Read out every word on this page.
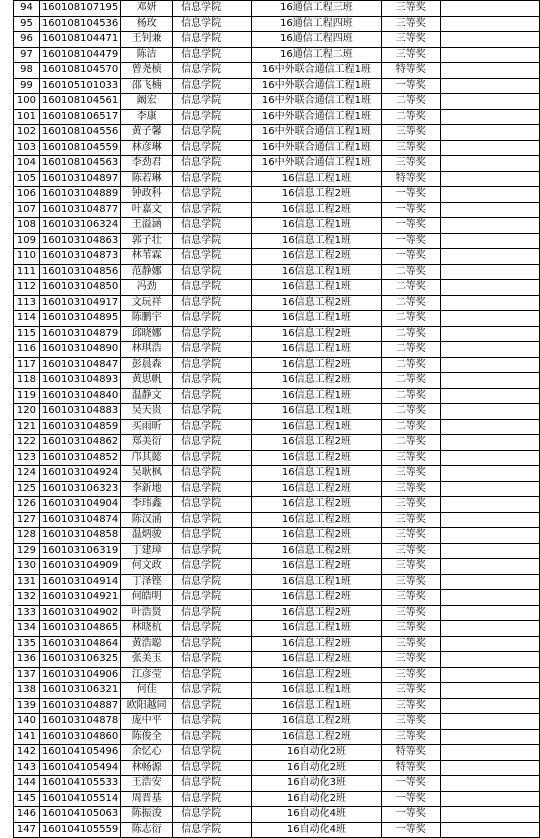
94	160108107195	邓妍	信息学院	16通信工程三班	三等奖	
95	160108104536	杨玫	信息学院	16通信工程四班	三等奖	
96	160108104471	王钊兼	信息学院	16通信工程四班	三等奖	
97	160108104479	陈洁	信息学院	16通信工程二班	三等奖	
98	160108104570	曾尧桢	信息学院	16中外联合通信工程1班	特等奖	
99	160105101033	邵飞楠	信息学院	16中外联合通信工程1班	一等奖	
100	160108104561	阚宏	信息学院	16中外联合通信工程1班	二等奖	
101	160108106517	李康	信息学院	16中外联合通信工程1班	二等奖	
102	160108104556	黄子馨	信息学院	16中外联合通信工程1班	三等奖	
103	160108104559	林彦琳	信息学院	16中外联合通信工程1班	三等奖	
104	160108104563	李劲君	信息学院	16中外联合通信工程1班	三等奖	
105	160103104897	陈若琳	信息学院	16信息工程1班	特等奖	
106	160103104889	钟政科	信息学院	16信息工程2班	一等奖	
107	160103104877	叶嘉文	信息学院	16信息工程2班	一等奖	
108	160103106324	王溢涵	信息学院	16信息工程1班	一等奖	
109	160103104863	郭子壮	信息学院	16信息工程1班	一等奖	
110	160103104873	林苇霖	信息学院	16信息工程2班	一等奖	
111	160103104856	范静娜	信息学院	16信息工程1班	二等奖	
112	160103104850	冯劲	信息学院	16信息工程1班	二等奖	
113	160103104917	文玩祥	信息学院	16信息工程2班	二等奖	
114	160103104895	陈鹏宇	信息学院	16信息工程1班	二等奖	
115	160103104879	邱晓娜	信息学院	16信息工程2班	二等奖	
116	160103104890	林琪浩	信息学院	16信息工程1班	二等奖	
117	160103104847	彭晨森	信息学院	16信息工程2班	二等奖	
118	160103104893	黄思帆	信息学院	16信息工程2班	二等奖	
119	160103104840	温静文	信息学院	16信息工程1班	二等奖	
120	160103104883	吴天贵	信息学院	16信息工程1班	二等奖	
121	160103104859	买雨昕	信息学院	16信息工程1班	二等奖	
122	160103104862	郑美衍	信息学院	16信息工程2班	二等奖	
123	160103104852	邝其懿	信息学院	16信息工程2班	三等奖	
124	160103104924	吴耿枫	信息学院	16信息工程1班	三等奖	
125	160103106323	李新地	信息学院	16信息工程2班	三等奖	
126	160103104904	李玮鑫	信息学院	16信息工程2班	三等奖	
127	160103104874	陈汉涌	信息学院	16信息工程2班	三等奖	
128	160103104858	温炳骏	信息学院	16信息工程2班	三等奖	
129	160103106319	丁建璋	信息学院	16信息工程2班	三等奖	
130	160103104909	何文政	信息学院	16信息工程2班	三等奖	
131	160103104914	丁泽铿	信息学院	16信息工程1班	三等奖	
132	160103104921	何皓明	信息学院	16信息工程2班	三等奖	
133	160103104902	叶浩贤	信息学院	16信息工程2班	三等奖	
134	160103104865	林晓杭	信息学院	16信息工程1班	三等奖	
135	160103104864	黄浩聪	信息学院	16信息工程2班	三等奖	
136	160103106325	张美玉	信息学院	16信息工程2班	三等奖	
137	160103104906	江彦莹	信息学院	16信息工程2班	三等奖	
138	160103106321	何佳	信息学院	16信息工程1班	三等奖	
139	160103104887	欧阳越同	信息学院	16信息工程1班	三等奖	
140	160103104878	庞中平	信息学院	16信息工程2班	三等奖	
141	160103104860	陈俊全	信息学院	16信息工程2班	三等奖	
142	160104105496	余忆心	信息学院	16自动化2班	特等奖	
143	160104105494	林畅源	信息学院	16自动化2班	特等奖	
144	160104105533	王浩安	信息学院	16自动化3班	一等奖	
145	160104105514	周晋基	信息学院	16自动化2班	一等奖	
146	160104105063	陈振浚	信息学院	16自动化4班	一等奖	
147	160104105559	陈志衍	信息学院	16自动化4班	一等奖	
